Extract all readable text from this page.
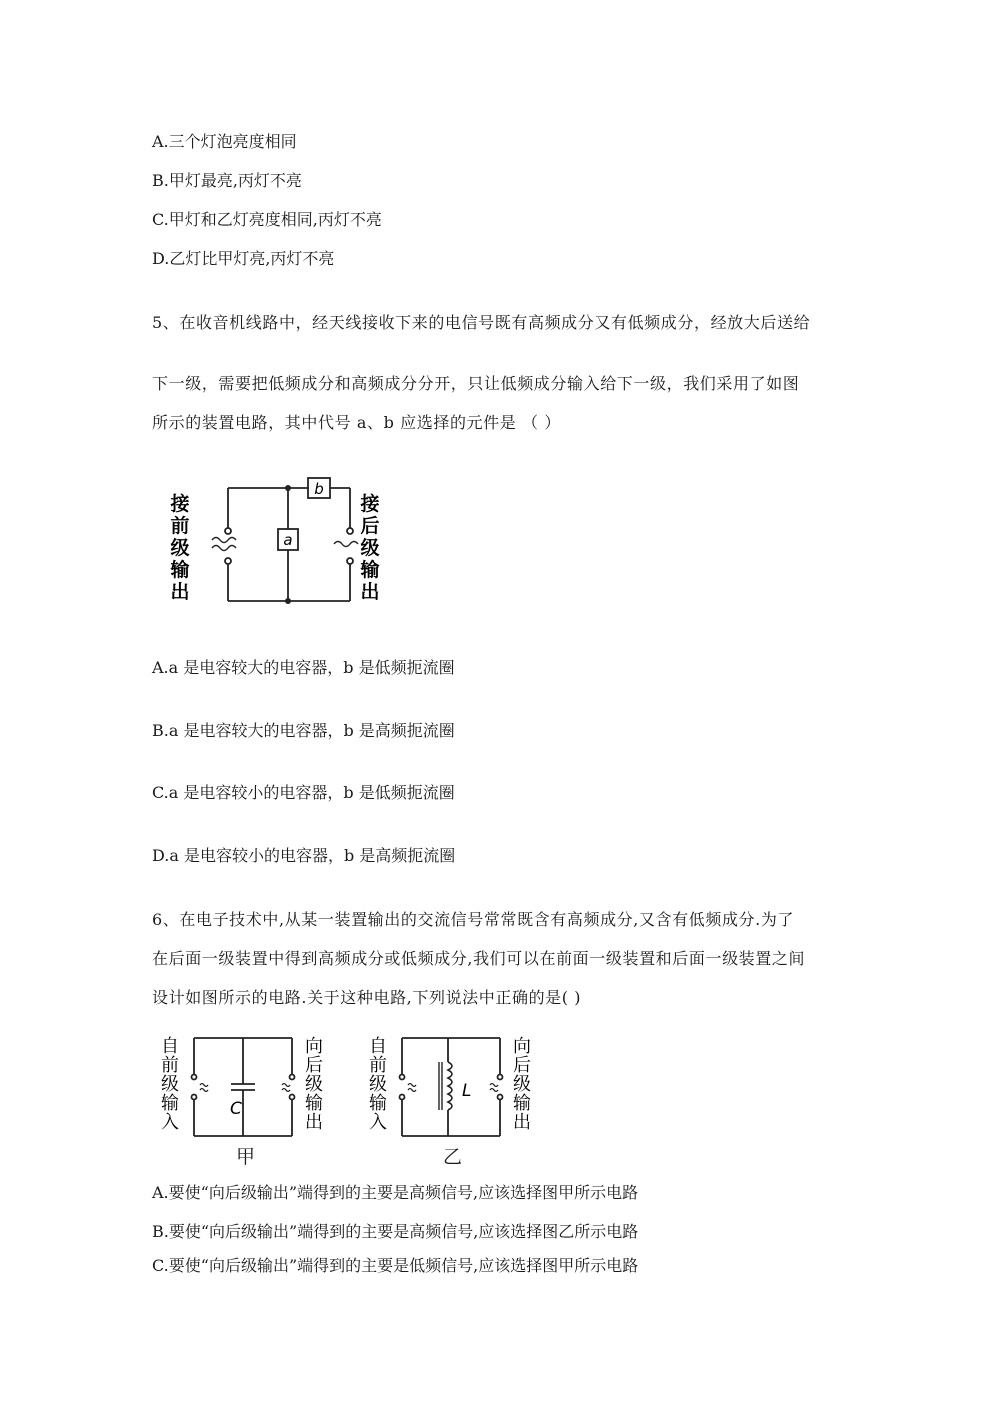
A.三个灯泡亮度相同
B.甲灯最亮,丙灯不亮
C.甲灯和乙灯亮度相同,丙灯不亮
D.乙灯比甲灯亮,丙灯不亮
5、在收音机线路中，经天线接收下来的电信号既有高频成分又有低频成分，经放大后送给
下一级，需要把低频成分和高频成分分开，只让低频成分输入给下一级，我们采用了如图
所示的装置电路，其中代号 a、b 应选择的元件是 （ ）
a
b
接
前
级
输
出
接
后
级
输
出
A.a 是电容较大的电容器，b 是低频扼流圈
B.a 是电容较大的电容器，b 是高频扼流圈
C.a 是电容较小的电容器，b 是低频扼流圈
D.a 是电容较小的电容器，b 是高频扼流圈
6、在电子技术中,从某一装置输出的交流信号常常既含有高频成分,又含有低频成分.为了
在后面一级装置中得到高频成分或低频成分,我们可以在前面一级装置和后面一级装置之间
设计如图所示的电路.关于这种电路,下列说法中正确的是( )
C
自
前
级
输
入
向
后
级
输
出
甲
L
自
前
级
输
入
向
后
级
输
出
乙
A.要使“向后级输出”端得到的主要是高频信号,应该选择图甲所示电路
B.要使“向后级输出”端得到的主要是高频信号,应该选择图乙所示电路
C.要使“向后级输出”端得到的主要是低频信号,应该选择图甲所示电路
